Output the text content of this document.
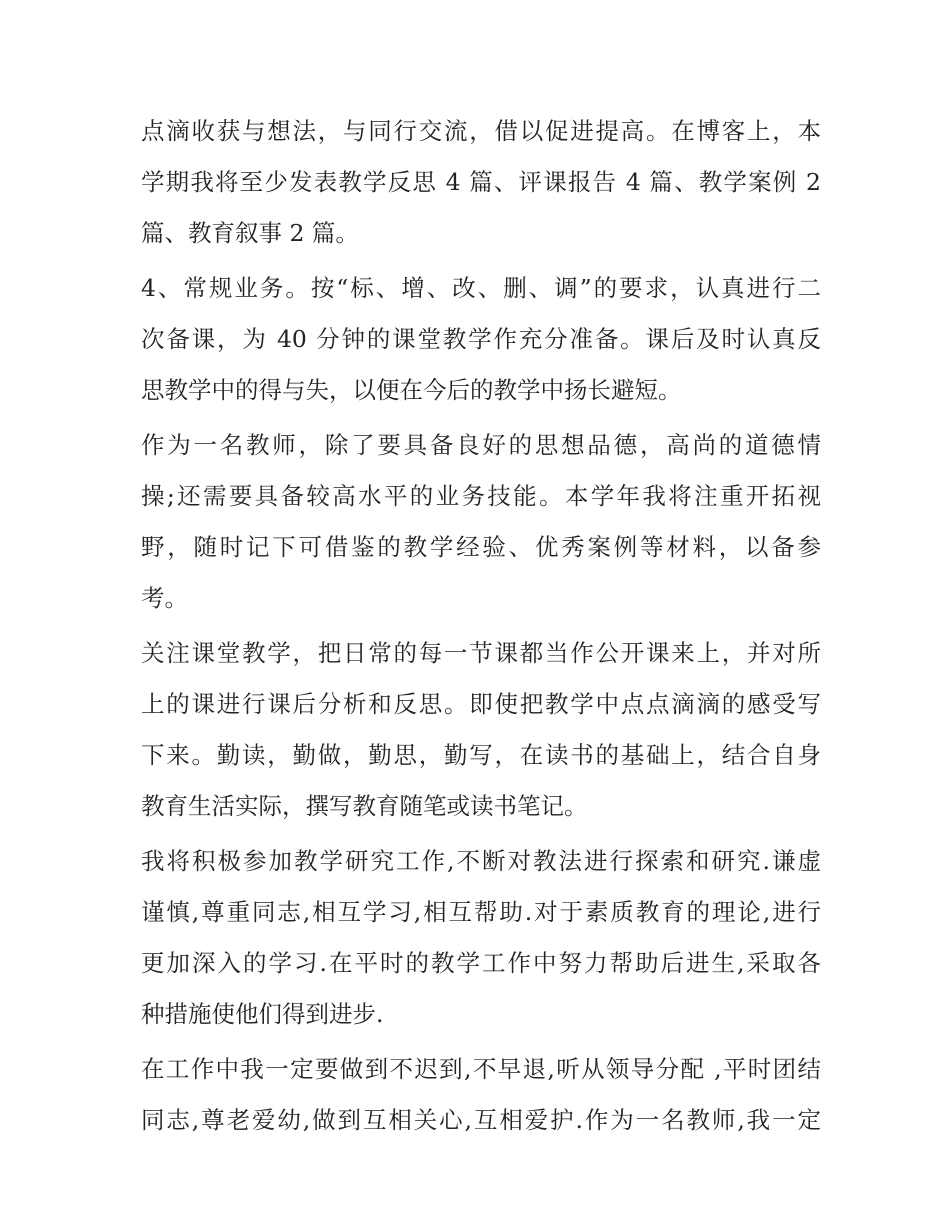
点滴收获与想法，与同行交流，借以促进提高。在博客上，本
学期我将至少发表教学反思 4 篇、评课报告 4 篇、教学案例 2
篇、教育叙事 2 篇。
4、常规业务。按“标、增、改、删、调”的要求，认真进行二
次备课，为 40 分钟的课堂教学作充分准备。课后及时认真反
思教学中的得与失，以便在今后的教学中扬长避短。
作为一名教师，除了要具备良好的思想品德，高尚的道德情
操;还需要具备较高水平的业务技能。本学年我将注重开拓视
野，随时记下可借鉴的教学经验、优秀案例等材料，以备参
考。
关注课堂教学，把日常的每一节课都当作公开课来上，并对所
上的课进行课后分析和反思。即使把教学中点点滴滴的感受写
下来。勤读，勤做，勤思，勤写，在读书的基础上，结合自身
教育生活实际，撰写教育随笔或读书笔记。
我将积极参加教学研究工作,不断对教法进行探索和研究.谦虚
谨慎,尊重同志,相互学习,相互帮助.对于素质教育的理论,进行
更加深入的学习.在平时的教学工作中努力帮助后进生,采取各
种措施使他们得到进步.
在工作中我一定要做到不迟到,不早退,听从领导分配 ,平时团结
同志,尊老爱幼,做到互相关心,互相爱护.作为一名教师,我一定
